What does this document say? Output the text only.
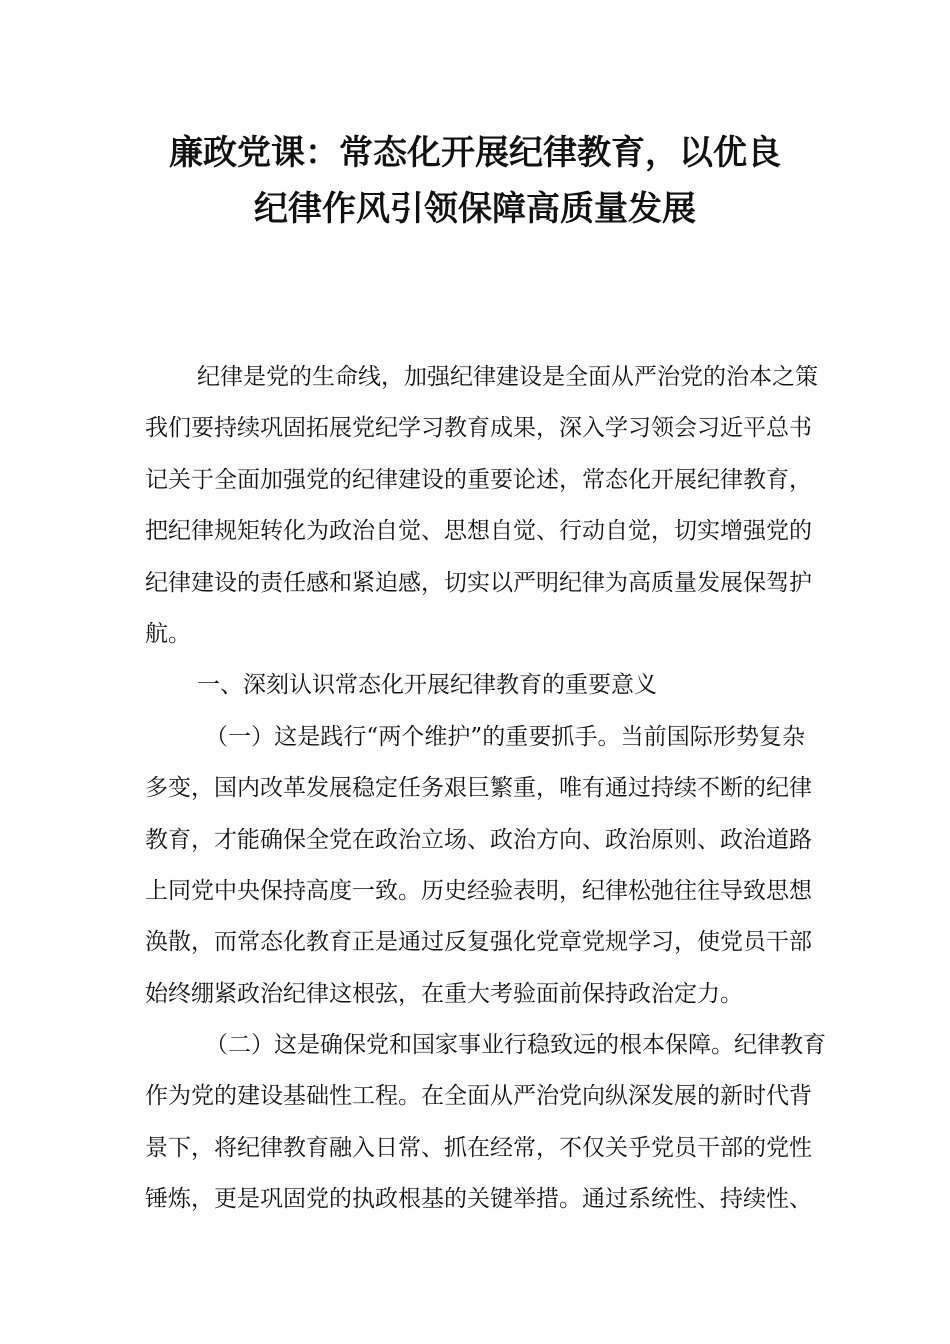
廉政党课：常态化开展纪律教育，以优良
纪律作风引领保障高质量发展
纪律是党的生命线，加强纪律建设是全面从严治党的治本之策
我们要持续巩固拓展党纪学习教育成果，深入学习领会习近平总书
记关于全面加强党的纪律建设的重要论述，常态化开展纪律教育，
把纪律规矩转化为政治自觉、思想自觉、行动自觉，切实增强党的
纪律建设的责任感和紧迫感，切实以严明纪律为高质量发展保驾护
航。
一、深刻认识常态化开展纪律教育的重要意义
（一）这是践行“两个维护”的重要抓手。当前国际形势复杂
多变，国内改革发展稳定任务艰巨繁重，唯有通过持续不断的纪律
教育，才能确保全党在政治立场、政治方向、政治原则、政治道路
上同党中央保持高度一致。历史经验表明，纪律松弛往往导致思想
涣散，而常态化教育正是通过反复强化党章党规学习，使党员干部
始终绷紧政治纪律这根弦，在重大考验面前保持政治定力。
（二）这是确保党和国家事业行稳致远的根本保障。纪律教育
作为党的建设基础性工程。在全面从严治党向纵深发展的新时代背
景下，将纪律教育融入日常、抓在经常，不仅关乎党员干部的党性
锤炼，更是巩固党的执政根基的关键举措。通过系统性、持续性、
